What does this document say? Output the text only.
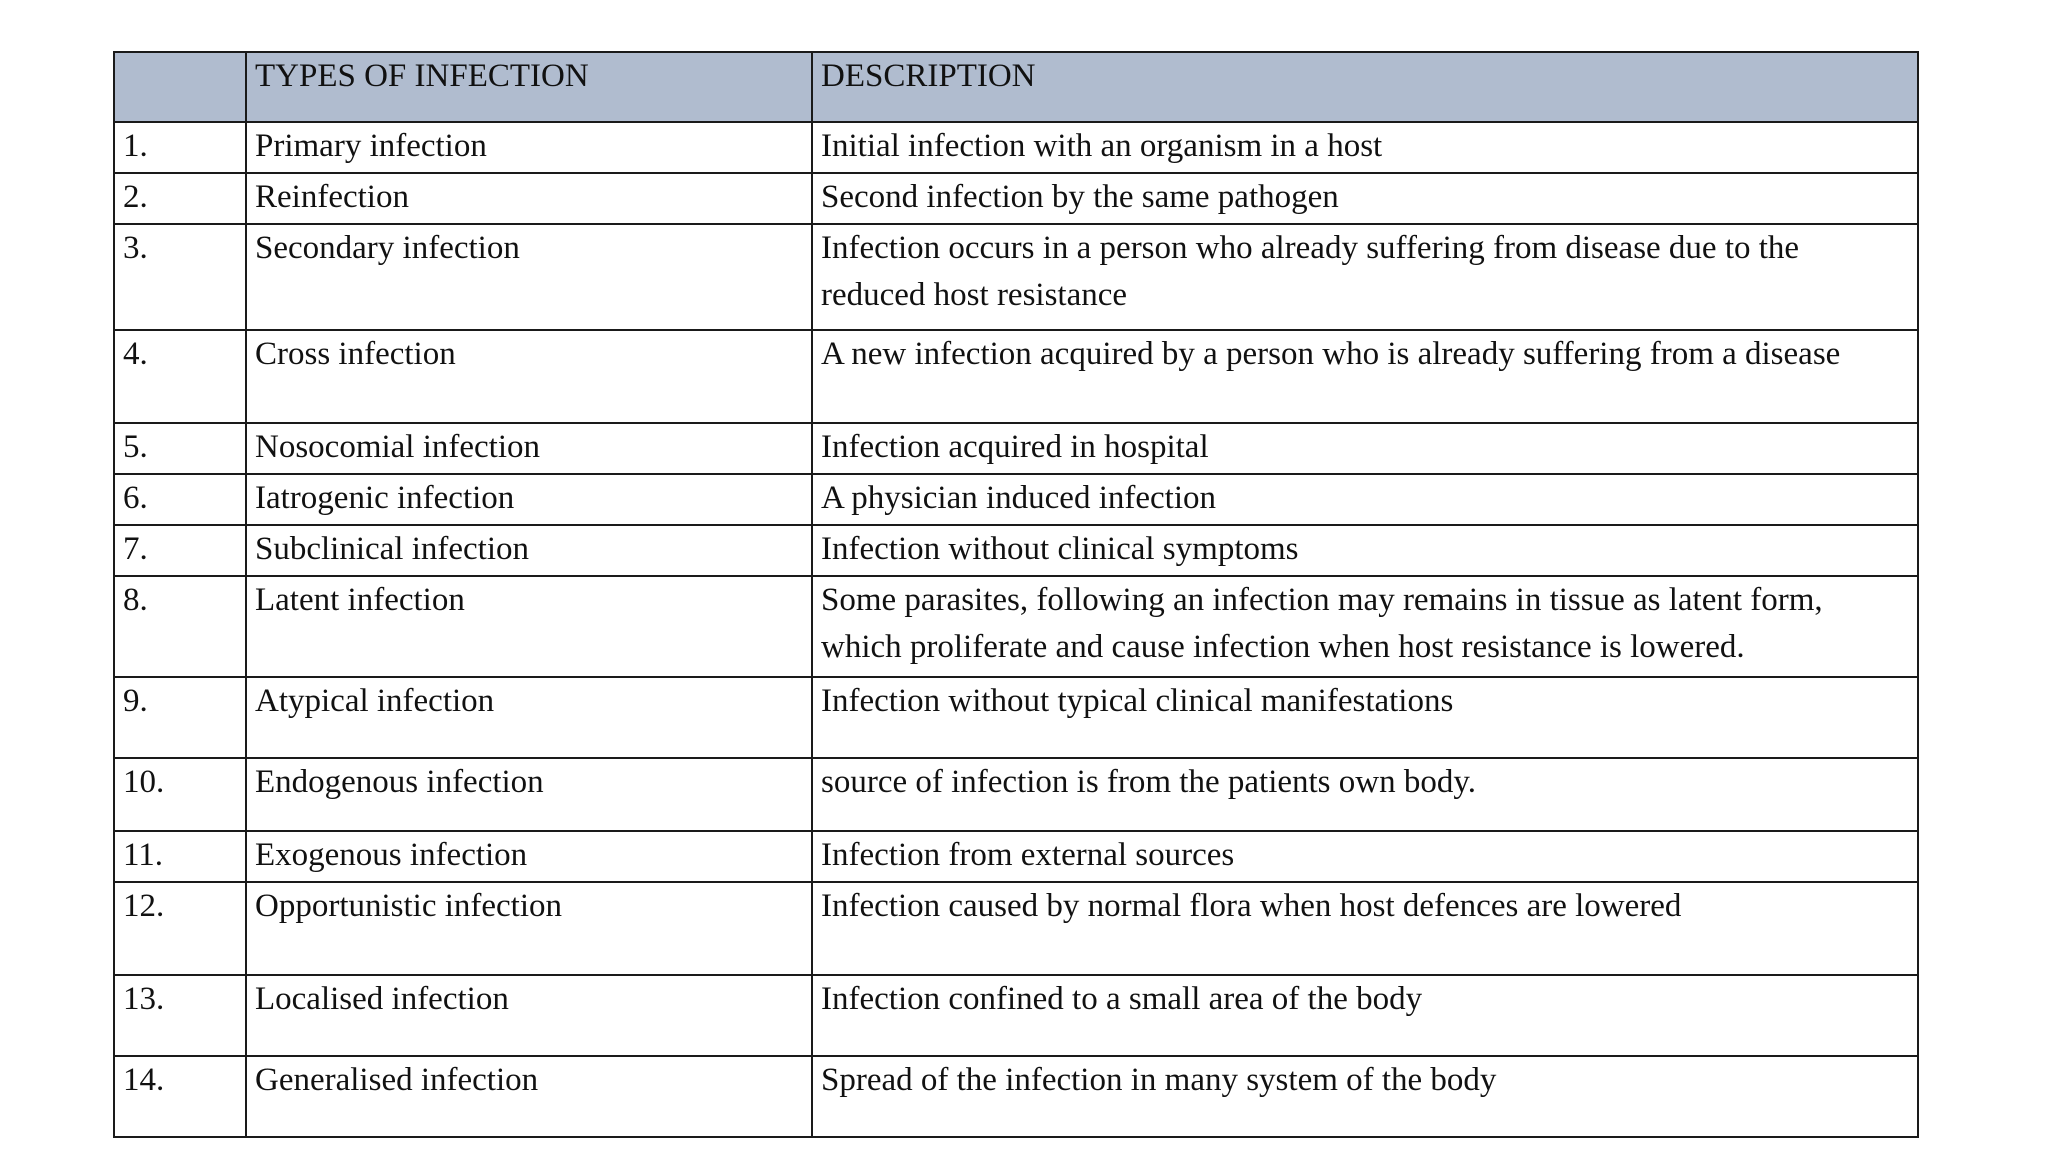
	TYPES OF INFECTION	DESCRIPTION
1.	Primary infection	Initial infection with an organism in a host
2.	Reinfection	Second infection by the same pathogen
3.	Secondary infection	Infection occurs in a person who already suffering from disease due to the reduced host resistance
4.	Cross infection	A new infection acquired by a person who is already suffering from a disease
5.	Nosocomial infection	Infection acquired in hospital
6.	Iatrogenic infection	A physician induced infection
7.	Subclinical infection	Infection without clinical symptoms
8.	Latent infection	Some parasites, following an infection may remains in tissue as latent form, which proliferate and cause infection when host resistance is lowered.
9.	Atypical infection	Infection without typical clinical manifestations
10.	Endogenous infection	source of infection is from the patients own body.
11.	Exogenous infection	Infection from external sources
12.	Opportunistic infection	Infection caused by normal flora when host defences are lowered
13.	Localised infection	Infection confined to a small area of the body
14.	Generalised infection	Spread of the infection in many system of the body
